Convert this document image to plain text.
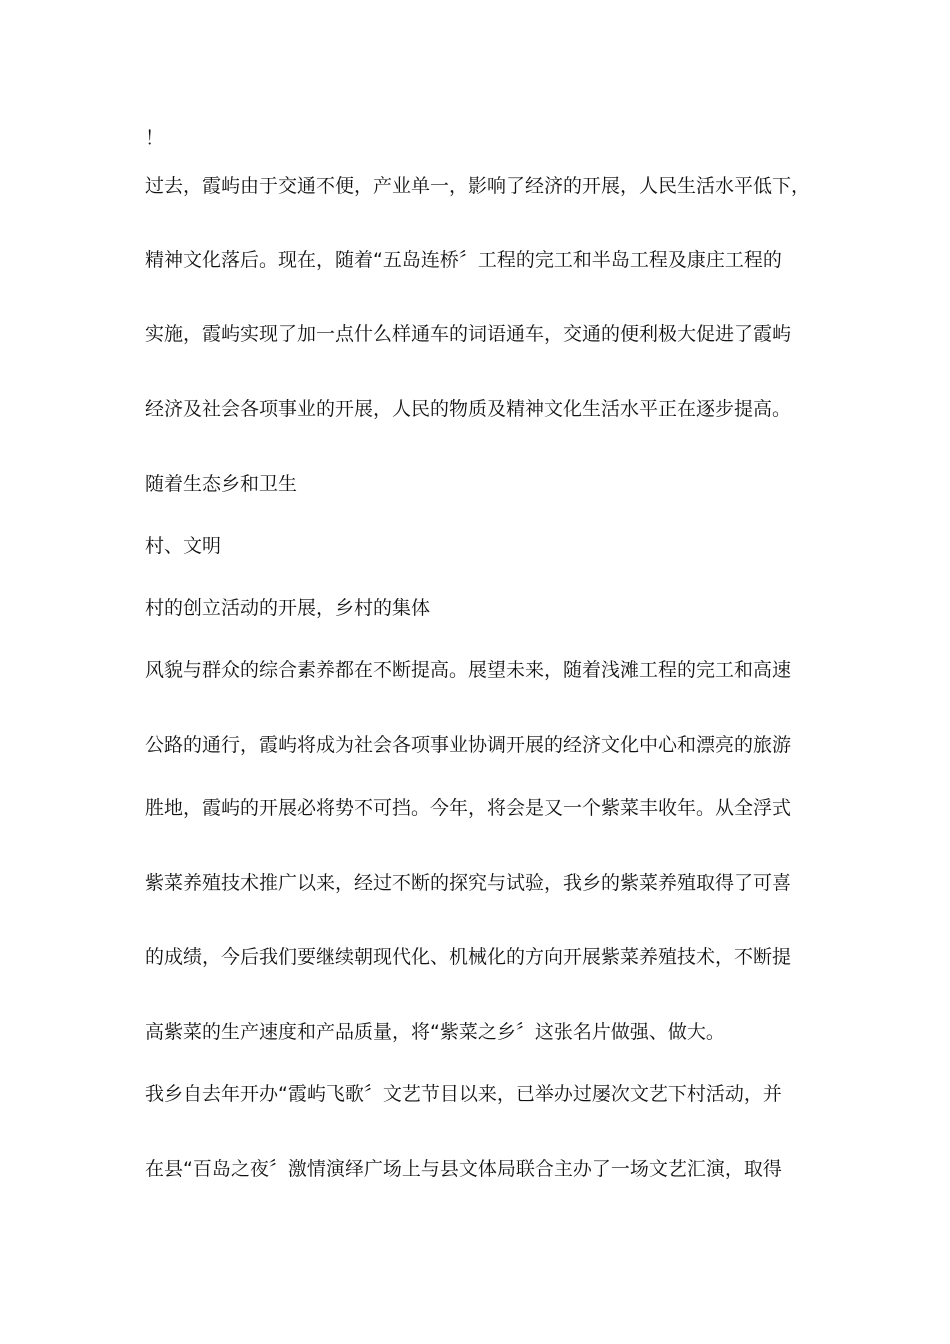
！
过去，霞屿由于交通不便，产业单一，影响了经济的开展，人民生活水平低下，
精神文化落后。现在，随着“五岛连桥〞工程的完工和半岛工程及康庄工程的
实施，霞屿实现了加一点什么样通车的词语通车，交通的便利极大促进了霞屿
经济及社会各项事业的开展，人民的物质及精神文化生活水平正在逐步提高。
随着生态乡和卫生
村、文明
村的创立活动的开展，乡村的集体
风貌与群众的综合素养都在不断提高。展望未来，随着浅滩工程的完工和高速
公路的通行，霞屿将成为社会各项事业协调开展的经济文化中心和漂亮的旅游
胜地，霞屿的开展必将势不可挡。今年，将会是又一个紫菜丰收年。从全浮式
紫菜养殖技术推广以来，经过不断的探究与试验，我乡的紫菜养殖取得了可喜
的成绩，今后我们要继续朝现代化、机械化的方向开展紫菜养殖技术，不断提
高紫菜的生产速度和产品质量，将“紫菜之乡〞这张名片做强、做大。
我乡自去年开办“霞屿飞歌〞文艺节目以来，已举办过屡次文艺下村活动，并
在县“百岛之夜〞激情演绎广场上与县文体局联合主办了一场文艺汇演，取得
